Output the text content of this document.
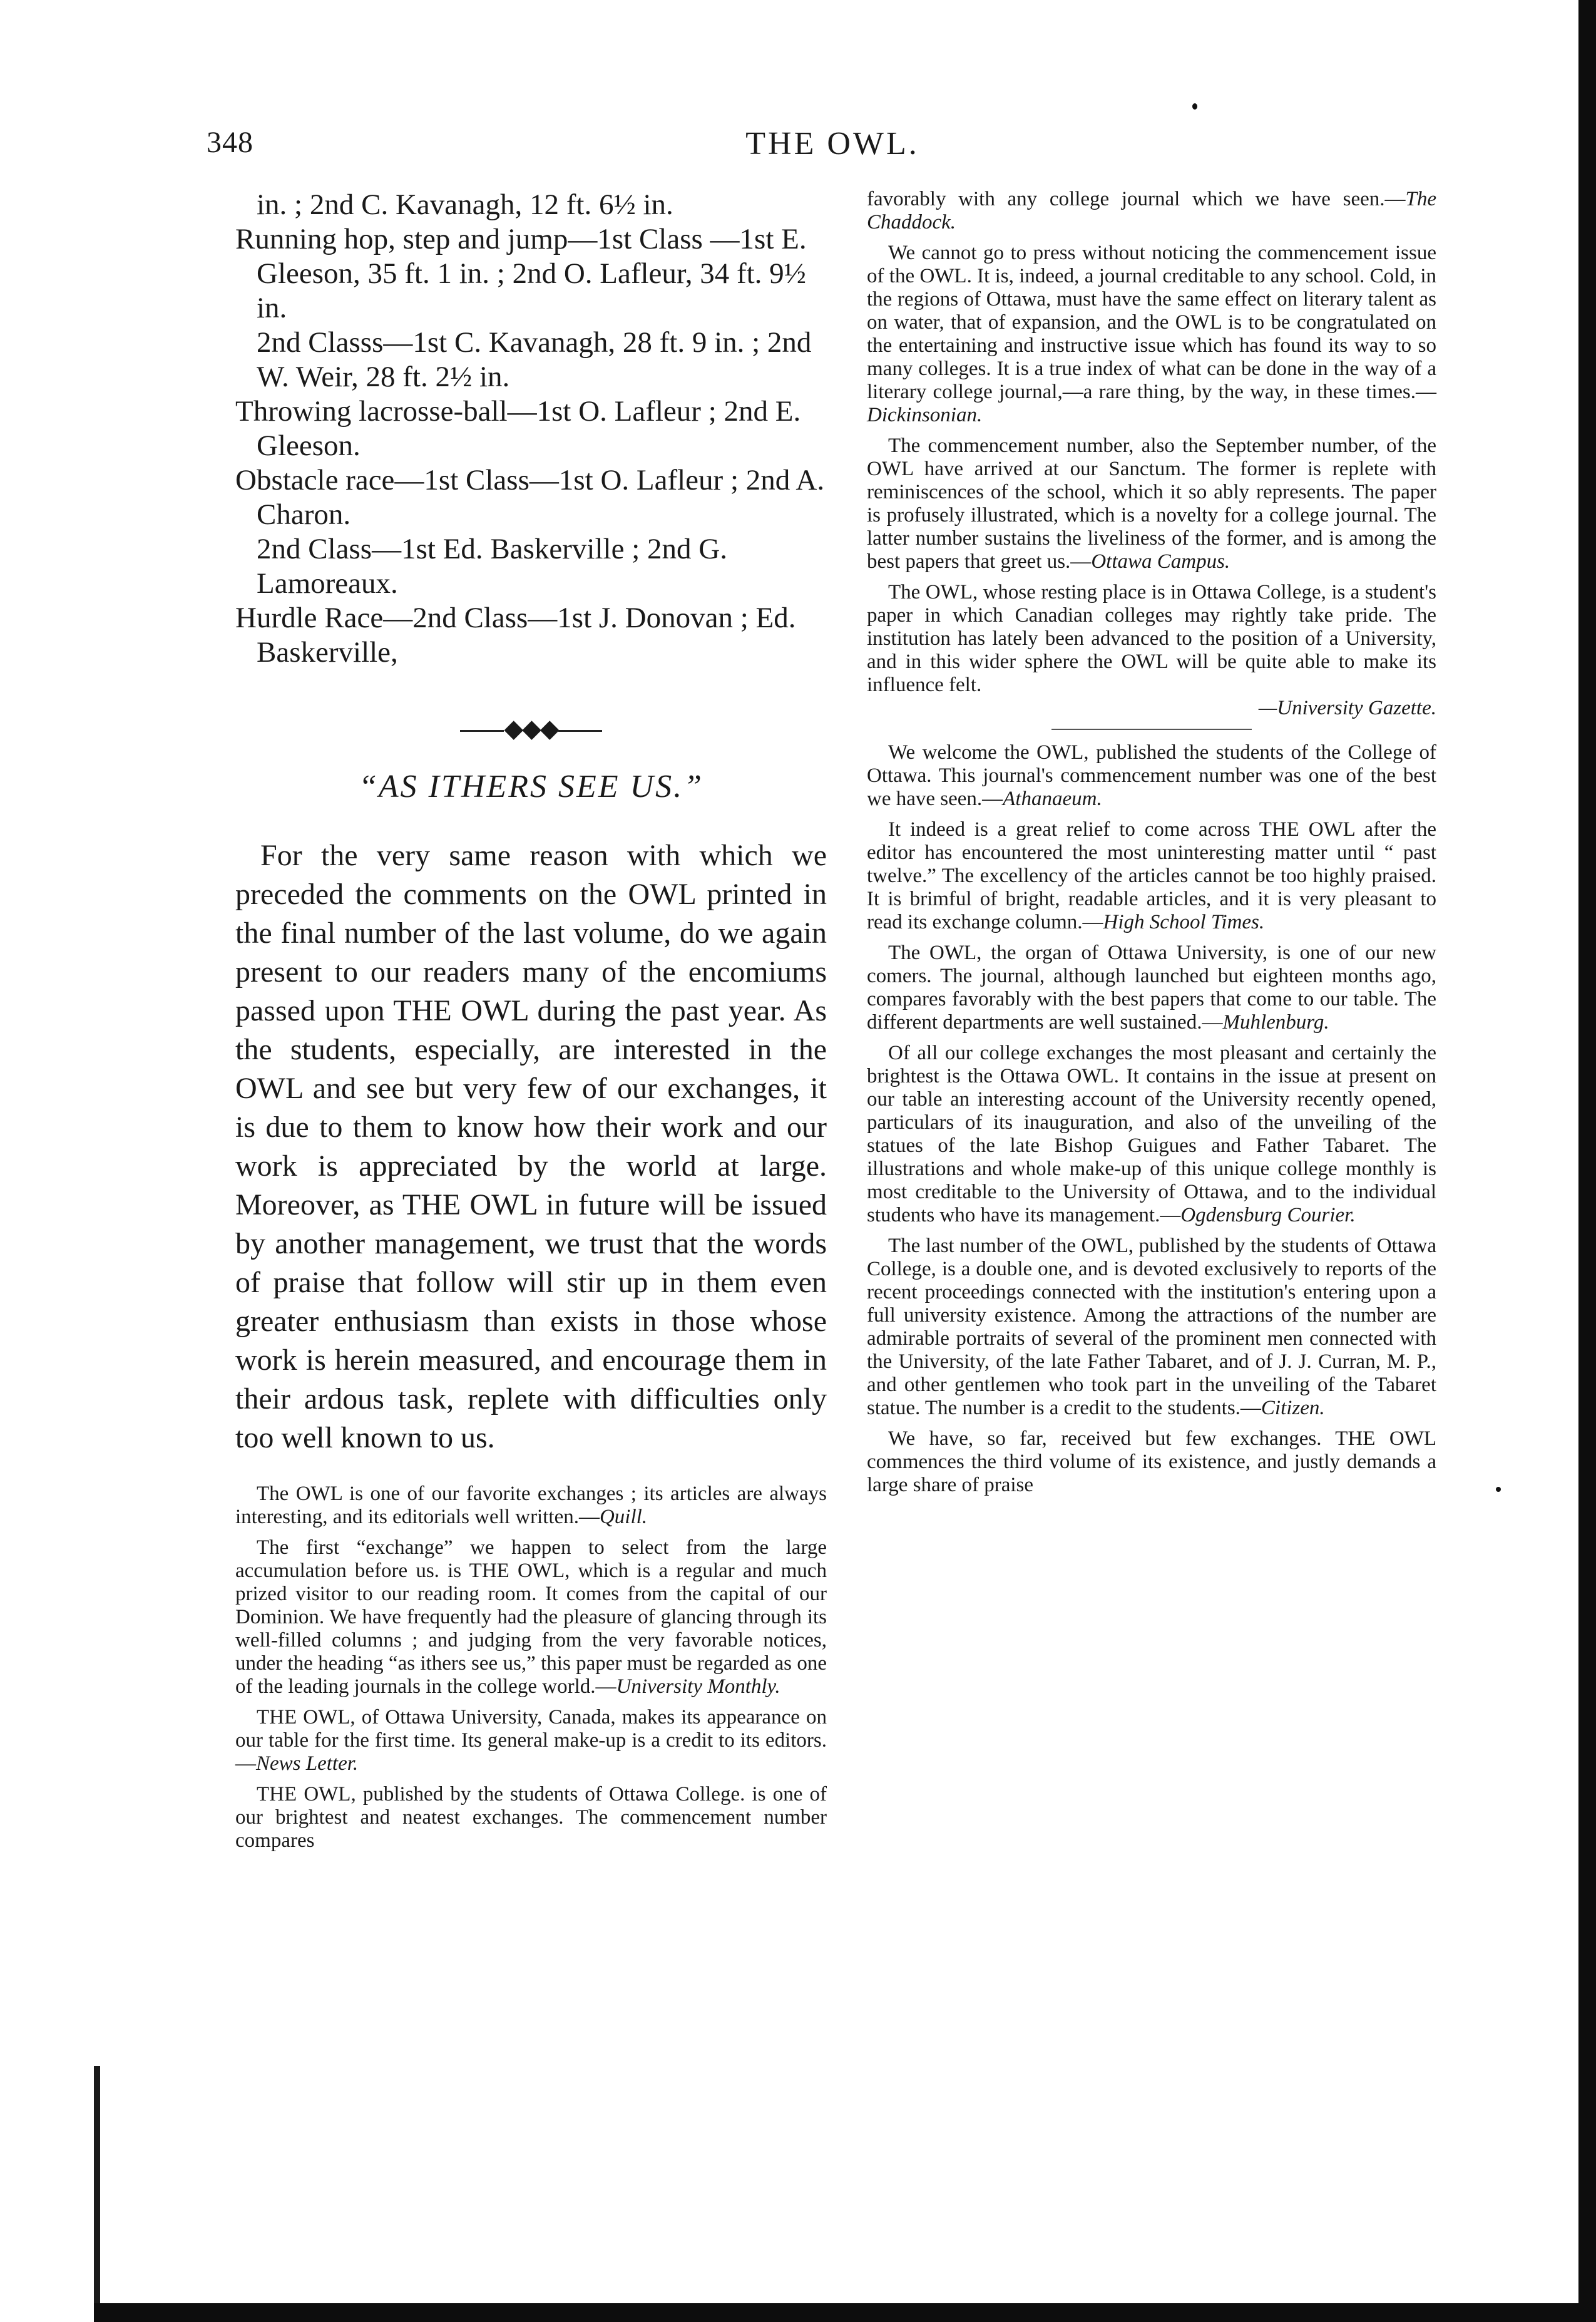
348	THE OWL.

in. ; 2nd C. Kavanagh, 12 ft. 6½ in.

Running hop, step and jump—1st Class —1st E. Gleeson, 35 ft. 1 in. ; 2nd O. Lafleur, 34 ft. 9½ in.

2nd Classs—1st C. Kavanagh, 28 ft. 9 in. ; 2nd W. Weir, 28 ft. 2½ in.

Throwing lacrosse-ball—1st O. Lafleur ; 2nd E. Gleeson.

Obstacle race—1st Class—1st O. Lafleur ; 2nd A. Charon.

2nd Class—1st Ed. Baskerville ; 2nd G. Lamoreaux.

Hurdle Race—2nd Class—1st J. Donovan ; Ed. Baskerville,

◆◆◆
“AS ITHERS SEE US.”

For the very same reason with which we preceded the comments on the OWL printed in the final number of the last volume, do we again present to our readers many of the encomiums passed upon THE OWL during the past year. As the students, especially, are interested in the OWL and see but very few of our exchanges, it is due to them to know how their work and our work is appreciated by the world at large. Moreover, as THE OWL in future will be issued by another management, we trust that the words of praise that follow will stir up in them even greater enthusiasm than exists in those whose work is herein measured, and encourage them in their ardous task, replete with difficulties only too well known to us.

The OWL is one of our favorite exchanges ; its articles are always interesting, and its editorials well written.—Quill.

The first “exchange” we happen to select from the large accumulation before us. is THE OWL, which is a regular and much prized visitor to our reading room. It comes from the capital of our Dominion. We have frequently had the pleasure of glancing through its well-filled columns ; and judging from the very favorable notices, under the heading “as ithers see us,” this paper must be regarded as one of the leading journals in the college world.—University Monthly.

THE OWL, of Ottawa University, Canada, makes its appearance on our table for the first time. Its general make-up is a credit to its editors.—News Letter.

THE OWL, published by the students of Ottawa College. is one of our brightest and neatest exchanges. The commencement number compares

favorably with any college journal which we have seen.—The Chaddock.

We cannot go to press without noticing the commencement issue of the OWL. It is, indeed, a journal creditable to any school. Cold, in the regions of Ottawa, must have the same effect on literary talent as on water, that of expansion, and the OWL is to be congratulated on the entertaining and instructive issue which has found its way to so many colleges. It is a true index of what can be done in the way of a literary college journal,—a rare thing, by the way, in these times.—Dickinsonian.

The commencement number, also the September number, of the OWL have arrived at our Sanctum. The former is replete with reminiscences of the school, which it so ably represents. The paper is profusely illustrated, which is a novelty for a college journal. The latter number sustains the liveliness of the former, and is among the best papers that greet us.—Ottawa Campus.

The OWL, whose resting place is in Ottawa College, is a student's paper in which Canadian colleges may rightly take pride. The institution has lately been advanced to the position of a University, and in this wider sphere the OWL will be quite able to make its influence felt.
—University Gazette.

We welcome the OWL, published the students of the College of Ottawa. This journal's commencement number was one of the best we have seen.—Athanaeum.

It indeed is a great relief to come across THE OWL after the editor has encountered the most uninteresting matter until “ past twelve.” The excellency of the articles cannot be too highly praised. It is brimful of bright, readable articles, and it is very pleasant to read its exchange column.—High School Times.

The OWL, the organ of Ottawa University, is one of our new comers. The journal, although launched but eighteen months ago, compares favorably with the best papers that come to our table. The different departments are well sustained.—Muhlenburg.

Of all our college exchanges the most pleasant and certainly the brightest is the Ottawa OWL. It contains in the issue at present on our table an interesting account of the University recently opened, particulars of its inauguration, and also of the unveiling of the statues of the late Bishop Guigues and Father Tabaret. The illustrations and whole make-up of this unique college monthly is most creditable to the University of Ottawa, and to the individual students who have its management.—Ogdensburg Courier.

The last number of the OWL, published by the students of Ottawa College, is a double one, and is devoted exclusively to reports of the recent proceedings connected with the institution's entering upon a full university existence. Among the attractions of the number are admirable portraits of several of the prominent men connected with the University, of the late Father Tabaret, and of J. J. Curran, M. P., and other gentlemen who took part in the unveiling of the Tabaret statue. The number is a credit to the students.—Citizen.

We have, so far, received but few exchanges. THE OWL commences the third volume of its existence, and justly demands a large share of praise
